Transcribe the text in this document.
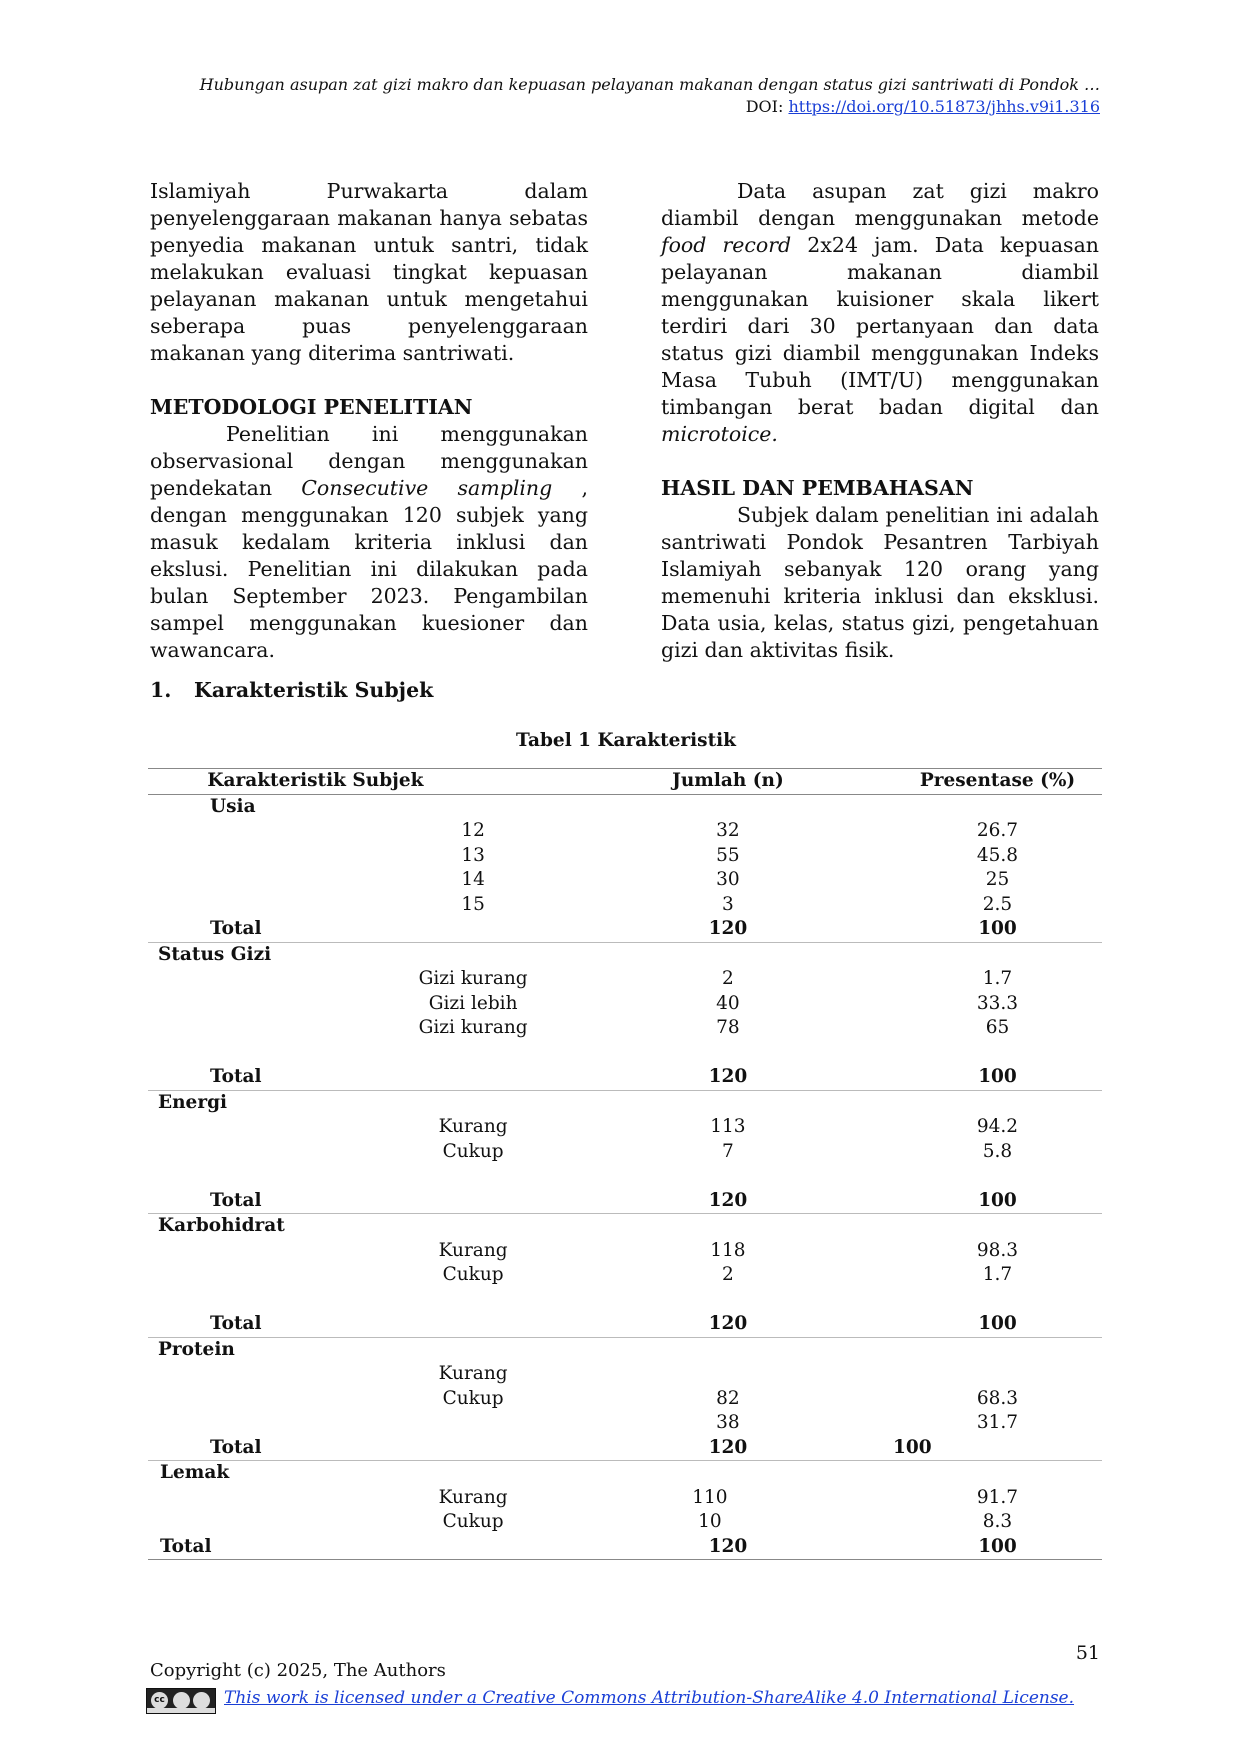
Hubungan asupan zat gizi makro dan kepuasan pelayanan makanan dengan status gizi santriwati di Pondok …
DOI: https://doi.org/10.51873/jhhs.v9i1.316

Islamiyah Purwakarta dalam penyelenggaraan makanan hanya sebatas penyedia makanan untuk santri, tidak melakukan evaluasi tingkat kepuasan pelayanan makanan untuk mengetahui seberapa puas penyelenggaraan makanan yang diterima santriwati.

METODOLOGI PENELITIAN

Penelitian ini menggunakan observasional dengan menggunakan pendekatan Consecutive sampling , dengan menggunakan 120 subjek yang masuk kedalam kriteria inklusi dan ekslusi. Penelitian ini dilakukan pada bulan September 2023. Pengambilan sampel menggunakan kuesioner dan wawancara.

Data asupan zat gizi makro diambil dengan menggunakan metode food record 2x24 jam. Data kepuasan pelayanan makanan diambil menggunakan kuisioner skala likert terdiri dari 30 pertanyaan dan data status gizi diambil menggunakan Indeks Masa Tubuh (IMT/U) menggunakan timbangan berat badan digital dan microtoice.

HASIL DAN PEMBAHASAN

Subjek dalam penelitian ini adalah santriwati Pondok Pesantren Tarbiyah Islamiyah sebanyak 120 orang yang memenuhi kriteria inklusi dan eksklusi. Data usia, kelas, status gizi, pengetahuan gizi dan aktivitas fisik.

1. Karakteristik Subjek
Tabel 1 Karakteristik
Karakteristik Subjek		Jumlah (n)	Presentase (%)
Usia			
	12	32	26.7
	13	55	45.8
	14	30	25
	15	3	2.5
Total		120	100
Status Gizi			
	Gizi kurang	2	1.7
	Gizi lebih	40	33.3
	Gizi kurang	78	65

Total		120	100
Energi			
	Kurang	113	94.2
	Cukup	7	5.8

Total		120	100
Karbohidrat			
	Kurang	118	98.3
	Cukup	2	1.7

Total		120	100
Protein			
	Kurang		
	Cukup	82	68.3
		38	31.7
Total		120	100
Lemak			
	Kurang	110	91.7
	Cukup	10	8.3
Total		120	100
51
Copyright (c) 2025, The Authors
cc	This work is licensed under a Creative Commons Attribution-ShareAlike 4.0 International License.
